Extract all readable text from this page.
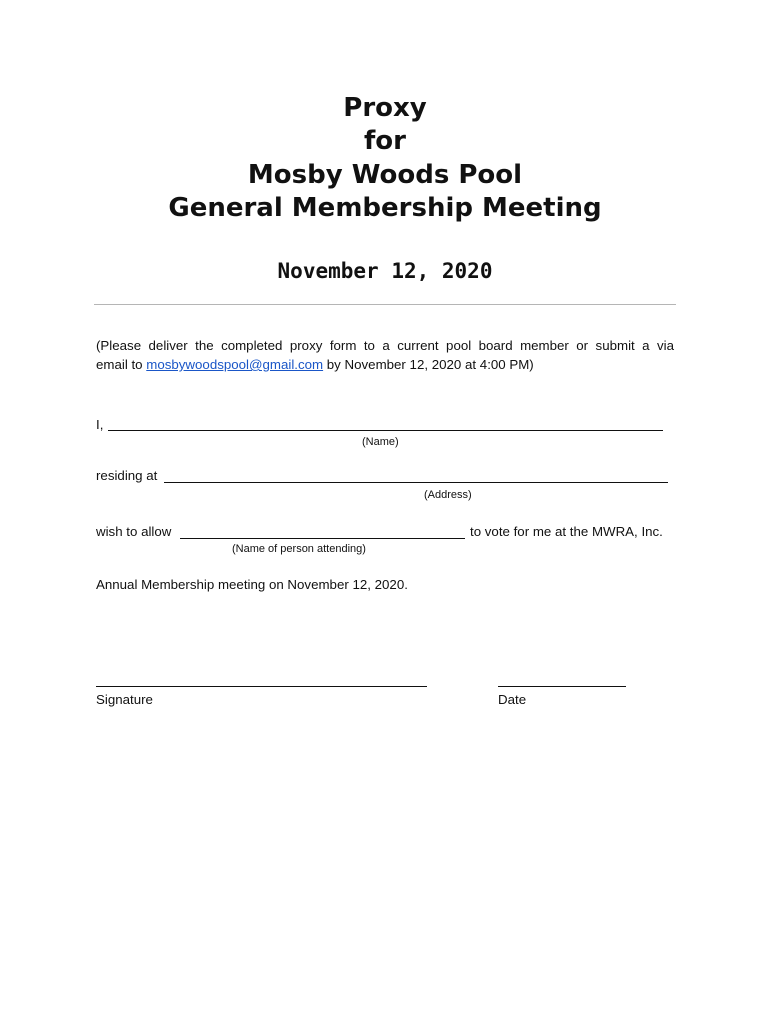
Proxy
for
Mosby Woods Pool
General Membership Meeting
November 12, 2020
(Please deliver the completed proxy form to a current pool board member or submit a via
email to mosbywoodspool@gmail.com by November 12, 2020 at 4:00 PM)
I,
(Name)
residing at
(Address)
wish to allow	to vote for me at the MWRA, Inc.
(Name of person attending)
Annual Membership meeting on November 12, 2020.
Signature	Date
